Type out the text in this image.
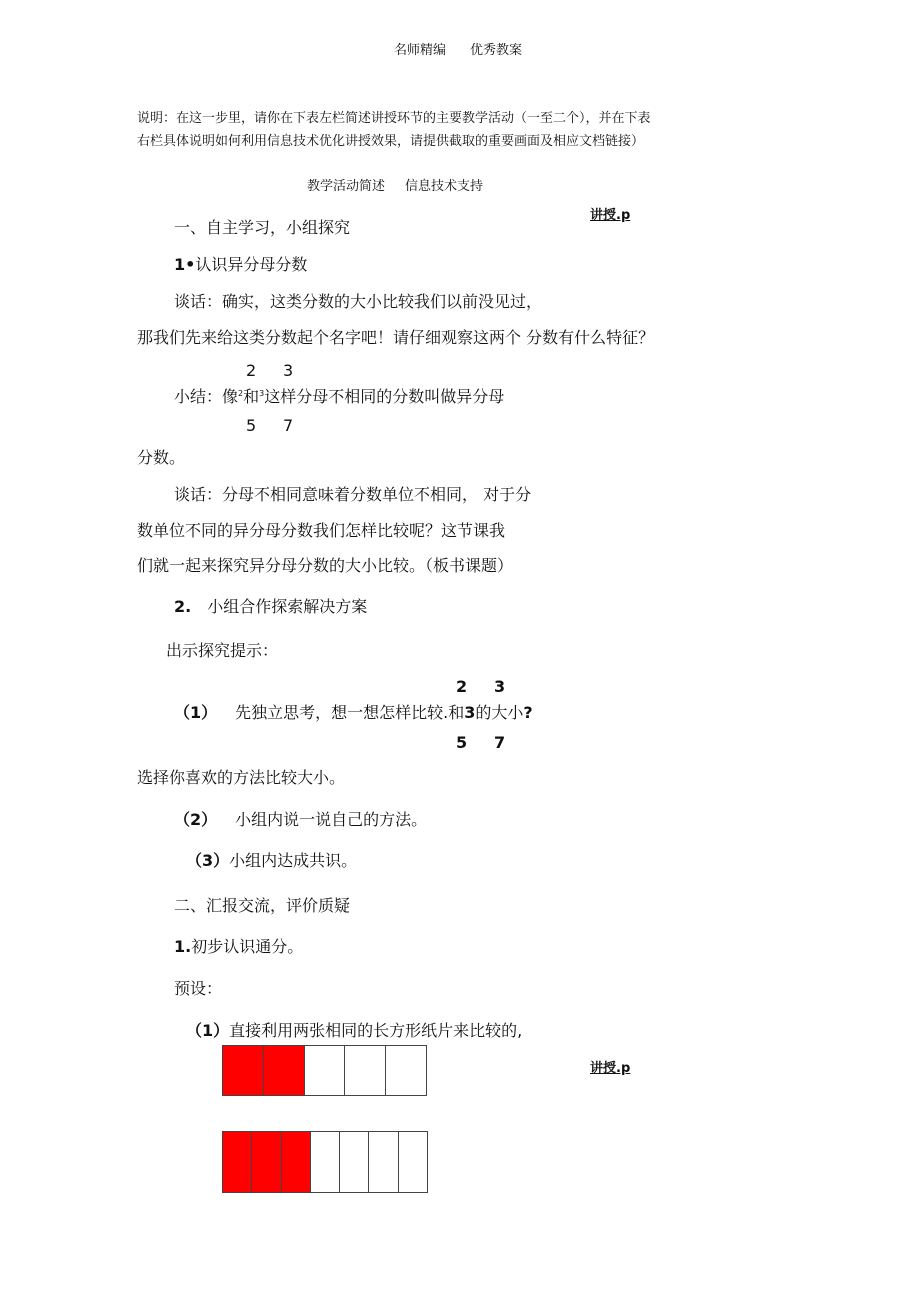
名师精编 优秀教案
说明：在这一步里，请你在下表左栏简述讲授环节的主要教学活动（一至二个），并在下表
右栏具体说明如何利用信息技术优化讲授效果，请提供截取的重要画面及相应文档链接）
教学活动简述 信息技术支持
讲授.p
讲授.p
一、自主学习，小组探究
1•认识异分母分数
谈话：确实，这类分数的大小比较我们以前没见过，
那我们先来给这类分数起个名字吧！请仔细观察这两个 分数有什么特征？
2 3
小结：像$^2$和$^3$这样分母不相同的分数叫做异分母
5 7
分数。
谈话：分母不相同意味着分数单位不相同， 对于分
数单位不同的异分母分数我们怎样比较呢？这节课我
们就一起来探究异分母分数的大小比较。（板书课题）
2. 小组合作探索解决方案
出示探究提示：
2 3
（1） 先独立思考，想一想怎样比较.和3的大小?
5 7
选择你喜欢的方法比较大小。
（2） 小组内说一说自己的方法。
（3）小组内达成共识。
二、汇报交流，评价质疑
1.初步认识通分。
预设：
（1）直接利用两张相同的长方形纸片来比较的,
